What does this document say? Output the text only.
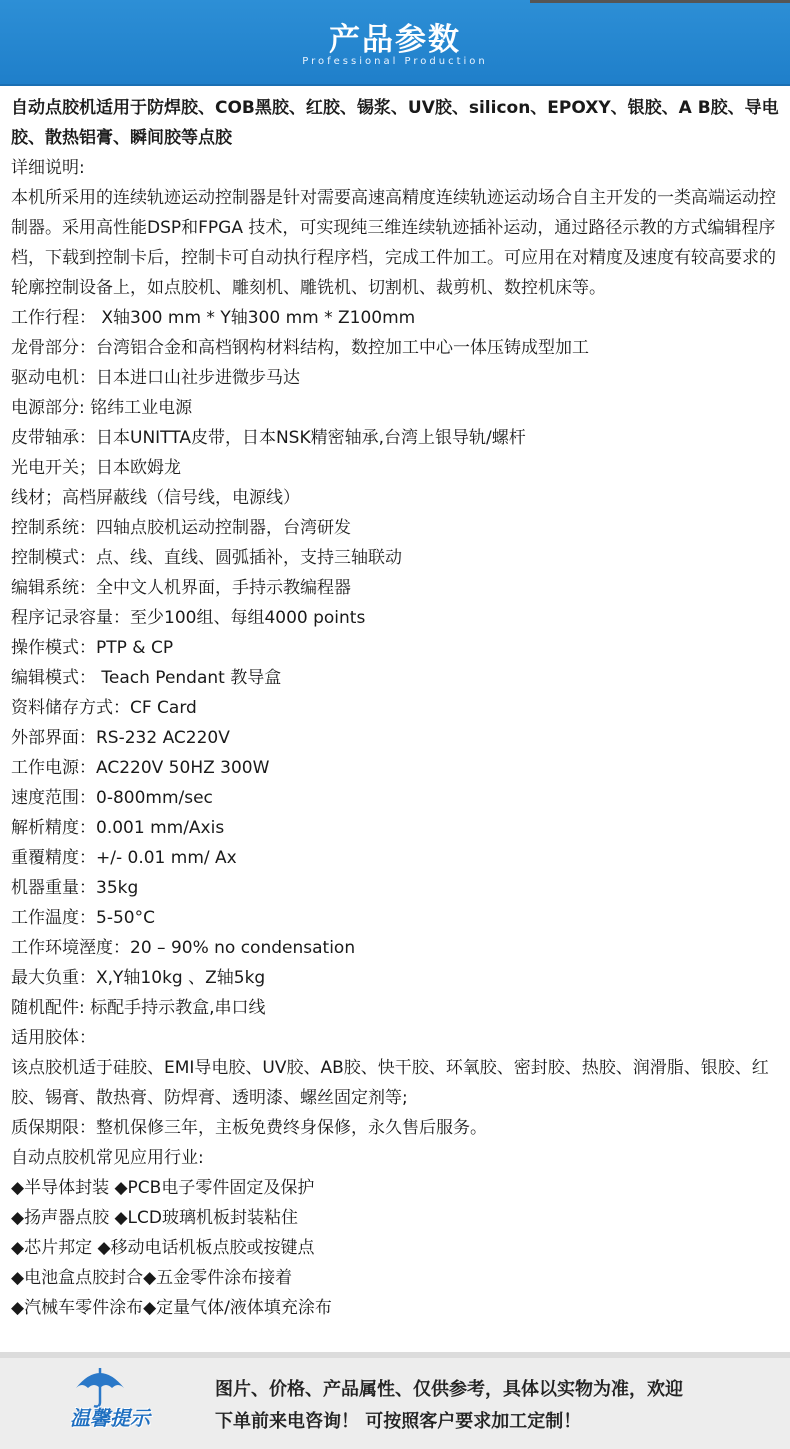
产品参数
Professional Production
自动点胶机适用于防焊胶、COB黑胶、红胶、锡浆、UV胶、silicon、EPOXY、银胶、A B胶、导电胶、散热铝膏、瞬间胶等点胶
详细说明:
本机所采用的连续轨迹运动控制器是针对需要高速高精度连续轨迹运动场合自主开发的一类高端运动控制器。采用高性能DSP和FPGA 技术，可实现纯三维连续轨迹插补运动，通过路径示教的方式编辑程序档，下载到控制卡后，控制卡可自动执行程序档，完成工件加工。可应用在对精度及速度有较高要求的轮廓控制设备上，如点胶机、雕刻机、雕铣机、切割机、裁剪机、数控机床等。
工作行程： X轴300 mm * Y轴300 mm * Z100mm
龙骨部分：台湾铝合金和高档钢构材料结构，数控加工中心一体压铸成型加工
驱动电机：日本进口山社步进微步马达
电源部分: 铭纬工业电源
皮带轴承：日本UNITTA皮带，日本NSK精密轴承,台湾上银导轨/螺杆
光电开关；日本欧姆龙
线材；高档屏蔽线（信号线，电源线）
控制系统：四轴点胶机运动控制器，台湾研发
控制模式：点、线、直线、圆弧插补，支持三轴联动
编辑系统：全中文人机界面，手持示教编程器
程序记录容量：至少100组、每组4000 points
操作模式：PTP & CP
编辑模式： Teach Pendant 教导盒
资料储存方式：CF Card
外部界面：RS-232 AC220V
工作电源：AC220V 50HZ 300W
速度范围：0-800mm/sec
解析精度：0.001 mm/Axis
重覆精度：+/- 0.01 mm/ Ax
机器重量：35kg
工作温度：5-50°C
工作环境溼度：20 – 90% no condensation
最大负重：X,Y轴10kg 、Z轴5kg
随机配件: 标配手持示教盒,串口线
适用胶体：
该点胶机适于硅胶、EMI导电胶、UV胶、AB胶、快干胶、环氧胶、密封胶、热胶、润滑脂、银胶、红胶、锡膏、散热膏、防焊膏、透明漆、螺丝固定剂等;
质保期限：整机保修三年，主板免费终身保修，永久售后服务。
自动点胶机常见应用行业:
◆半导体封装 ◆PCB电子零件固定及保护
◆扬声器点胶 ◆LCD玻璃机板封装粘住
◆芯片邦定 ◆移动电话机板点胶或按键点
◆电池盒点胶封合◆五金零件涂布接着
◆汽械车零件涂布◆定量气体/液体填充涂布
温馨提示
图片、价格、产品属性、仅供参考，具体以实物为准，欢迎
下单前来电咨询！ 可按照客户要求加工定制！
